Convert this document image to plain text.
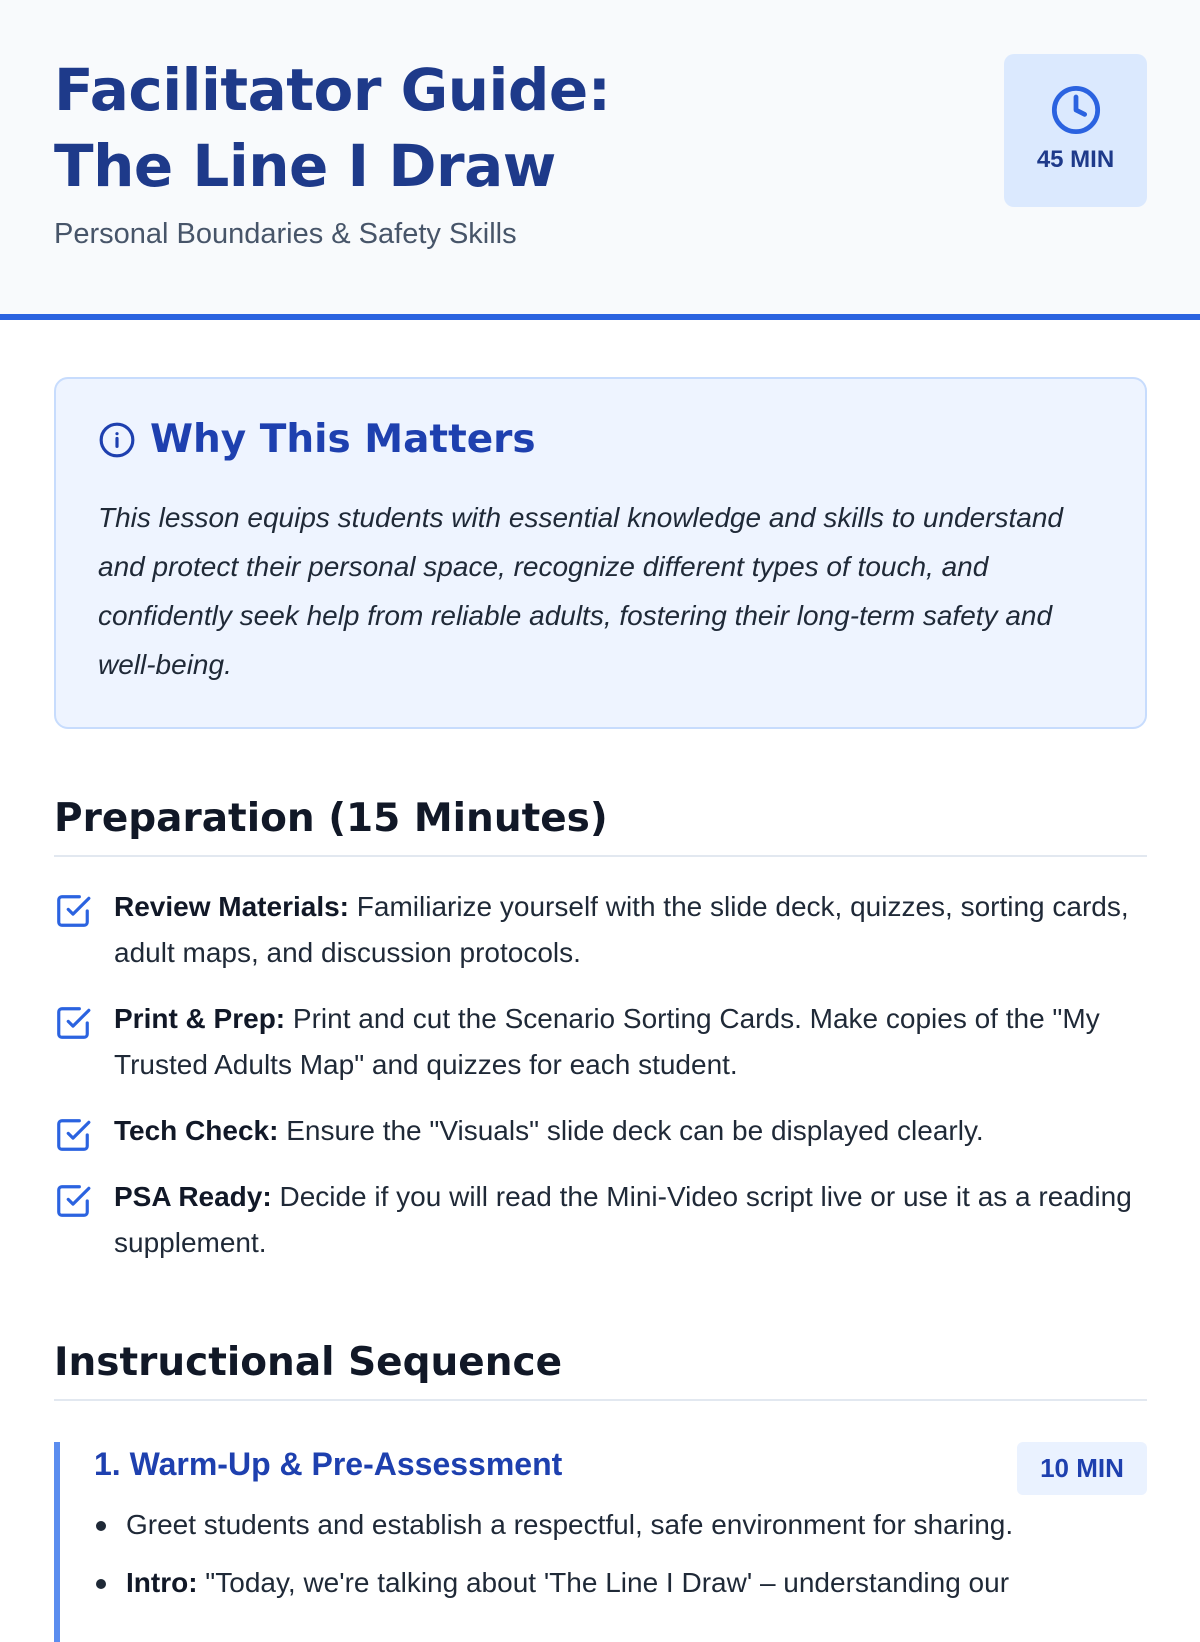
Facilitator Guide:
The Line I Draw
Personal Boundaries & Safety Skills
45 MIN
Why This Matters

This lesson equips students with essential knowledge and skills to understand and protect their personal space, recognize different types of touch, and confidently seek help from reliable adults, fostering their long-term safety and well-being.

Preparation (15 Minutes)
Review Materials: Familiarize yourself with the slide deck, quizzes, sorting cards, adult maps, and discussion protocols.
Print & Prep: Print and cut the Scenario Sorting Cards. Make copies of the "My Trusted Adults Map" and quizzes for each student.
Tech Check: Ensure the "Visuals" slide deck can be displayed clearly.
PSA Ready: Decide if you will read the Mini-Video script live or use it as a reading supplement.
Instructional Sequence
1. Warm-Up & Pre-Assessment	10 MIN
Greet students and establish a respectful, safe environment for sharing.
Intro: "Today, we're talking about 'The Line I Draw' – understanding our
